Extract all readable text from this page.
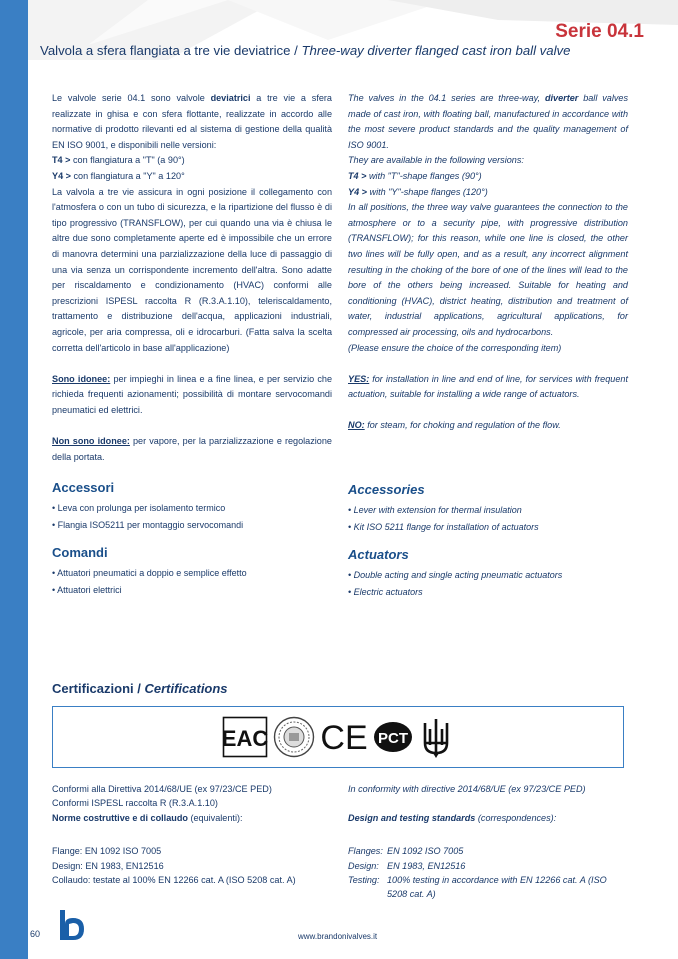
Serie 04.1
Valvola a sfera flangiata a tre vie deviatrice / Three-way diverter flanged cast iron ball valve

Le valvole serie 04.1 sono valvole deviatrici a tre vie a sfera realizzate in ghisa e con sfera flottante, realizzate in accordo alle normative di prodotto rilevanti ed al sistema di gestione della qualità EN ISO 9001, e disponibili nelle versioni:

T4 > con flangiatura a "T" (a 90°)

Y4 > con flangiatura a "Y" a 120°

La valvola a tre vie assicura in ogni posizione il collegamento con l'atmosfera o con un tubo di sicurezza, e la ripartizione del flusso è di tipo progressivo (TRANSFLOW), per cui quando una via è chiusa le altre due sono completamente aperte ed è impossibile che un errore di manovra determini una parzializzazione della luce di passaggio di una via senza un corrispondente incremento dell'altra. Sono adatte per riscaldamento e condizionamento (HVAC) conformi alle prescrizioni ISPESL raccolta R (R.3.A.1.10), teleriscaldamento, trattamento e distribuzione dell'acqua, applicazioni industriali, agricole, per aria compressa, oli e idrocarburi. (Fatta salva la scelta corretta dell'articolo in base all'applicazione)

Sono idonee: per impieghi in linea e a fine linea, e per servizio che richieda frequenti azionamenti; possibilità di montare servocomandi pneumatici ed elettrici.

Non sono idonee: per vapore, per la parzializzazione e regolazione della portata.

Accessori
• Leva con prolunga per isolamento termico
• Flangia ISO5211 per montaggio servocomandi
Comandi
• Attuatori pneumatici a doppio e semplice effetto
• Attuatori elettrici

The valves in the 04.1 series are three-way, diverter ball valves made of cast iron, with floating ball, manufactured in accordance with the most severe product standards and the quality management of ISO 9001.

They are available in the following versions:

T4 > with "T"-shape flanges (90°)

Y4 > with "Y"-shape flanges (120°)

In all positions, the three way valve guarantees the connection to the atmosphere or to a security pipe, with progressive distribution (TRANSFLOW); for this reason, while one line is closed, the other two lines will be fully open, and as a result, any incorrect alignment resulting in the choking of the bore of one of the lines will lead to the bore of the others being increased. Suitable for heating and conditioning (HVAC), district heating, distribution and treatment of water, industrial applications, agricultural applications, for compressed air processing, oils and hydrocarbons.

(Please ensure the choice of the corresponding item)

YES: for installation in line and end of line, for services with frequent actuation, suitable for installing a wide range of actuators.

NO: for steam, for choking and regulation of the flow.

Accessories
• Lever with extension for thermal insulation
• Kit ISO 5211 flange for installation of actuators
Actuators
• Double acting and single acting pneumatic actuators
• Electric actuators
Certificazioni / Certifications
EAC CE PCT
Conformi alla Direttiva 2014/68/UE (ex 97/23/CE PED)
Conformi ISPESL raccolta R (R.3.A.1.10)
Norme costruttive e di collaudo (equivalenti):
Flange: EN 1092 ISO 7005
Design: EN 1983, EN12516
Collaudo: testate al 100% EN 12266 cat. A (ISO 5208 cat. A)
In conformity with directive 2014/68/UE (ex 97/23/CE PED)
Design and testing standards (correspondences):
Flanges: EN 1092 ISO 7005
Design: EN 1983, EN12516
Testing: 100% testing in accordance with EN 12266 cat. A (ISO 5208 cat. A)
60	VALVES	www.brandonivalves.it
